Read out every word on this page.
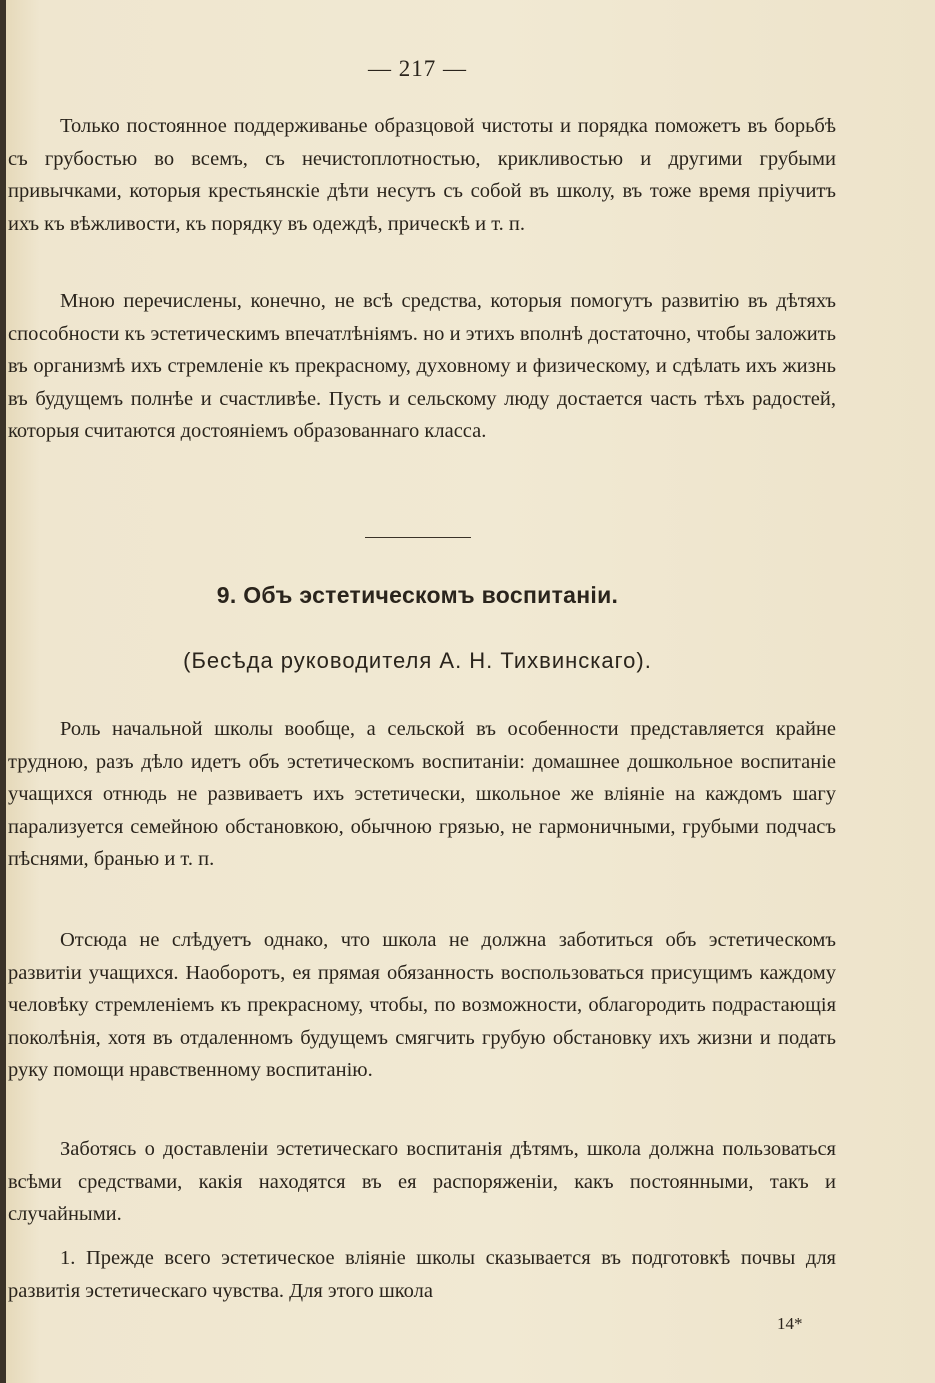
— 217 —

Только постоянное поддерживанье образцовой чистоты и порядка поможетъ въ борьбѣ съ грубостью во всемъ, съ нечистоплотностью, крикливостью и другими грубыми привычками, которыя крестьянскіе дѣти несутъ съ собой въ школу, въ тоже время пріучитъ ихъ къ вѣжливости, къ порядку въ одеждѣ, прическѣ и т. п.

Мною перечислены, конечно, не всѣ средства, которыя помогутъ развитію въ дѣтяхъ способности къ эстетическимъ впечатлѣніямъ. но и этихъ вполнѣ достаточно, чтобы заложить въ организмѣ ихъ стремленіе къ прекрасному, духовному и физическому, и сдѣлать ихъ жизнь въ будущемъ полнѣе и счастливѣе. Пусть и сельскому люду достается часть тѣхъ радостей, которыя считаются достояніемъ образованнаго класса.

9. Объ эстетическомъ воспитаніи.
(Бесѣда руководителя А. Н. Тихвинскаго).

Роль начальной школы вообще, а сельской въ особенности представляется крайне трудною, разъ дѣло идетъ объ эстетическомъ воспитаніи: домашнее дошкольное воспитаніе учащихся отнюдь не развиваетъ ихъ эстетически, школьное же вліяніе на каждомъ шагу парализуется семейною обстановкою, обычною грязью, не гармоничными, грубыми подчасъ пѣснями, бранью и т. п.

Отсюда не слѣдуетъ однако, что школа не должна заботиться объ эстетическомъ развитіи учащихся. Наоборотъ, ея прямая обязанность воспользоваться присущимъ каждому человѣку стремленіемъ къ прекрасному, чтобы, по возможности, облагородить подрастающія поколѣнія, хотя въ отдаленномъ будущемъ смягчить грубую обстановку ихъ жизни и подать руку помощи нравственному воспитанію.

Заботясь о доставленіи эстетическаго воспитанія дѣтямъ, школа должна пользоваться всѣми средствами, какія находятся въ ея распоряженіи, какъ постоянными, такъ и случайными.

1. Прежде всего эстетическое вліяніе школы сказывается въ подготовкѣ почвы для развитія эстетическаго чувства. Для этого школа

14*
